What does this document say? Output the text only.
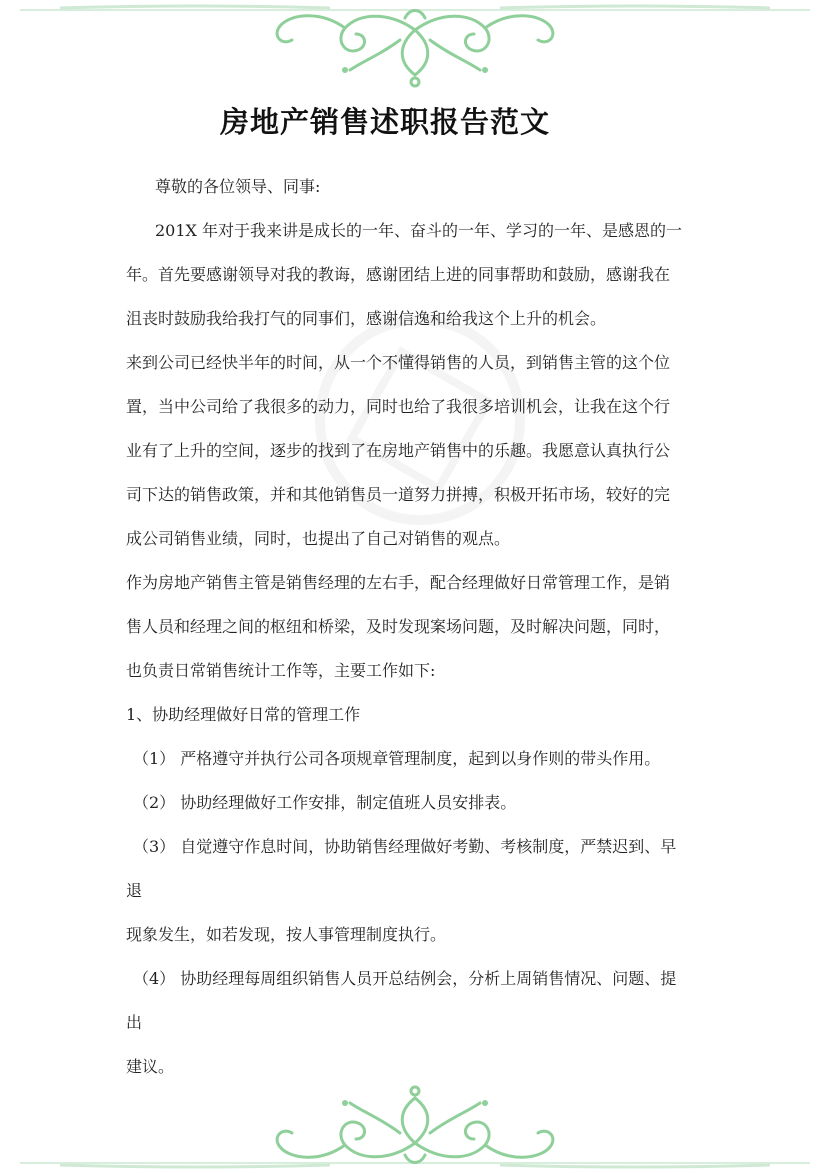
房地产销售述职报告范文
尊敬的各位领导、同事:
201X 年对于我来讲是成长的一年、奋斗的一年、学习的一年、是感恩的一
年。首先要感谢领导对我的教诲，感谢团结上进的同事帮助和鼓励，感谢我在
沮丧时鼓励我给我打气的同事们，感谢信逸和给我这个上升的机会。
来到公司已经快半年的时间，从一个不懂得销售的人员，到销售主管的这个位
置，当中公司给了我很多的动力，同时也给了我很多培训机会，让我在这个行
业有了上升的空间，逐步的找到了在房地产销售中的乐趣。我愿意认真执行公
司下达的销售政策，并和其他销售员一道努力拼搏，积极开拓市场，较好的完
成公司销售业绩，同时，也提出了自己对销售的观点。
作为房地产销售主管是销售经理的左右手，配合经理做好日常管理工作，是销
售人员和经理之间的枢纽和桥梁，及时发现案场问题，及时解决问题，同时，
也负责日常销售统计工作等，主要工作如下:
1、协助经理做好日常的管理工作
（1） 严格遵守并执行公司各项规章管理制度，起到以身作则的带头作用。
（2） 协助经理做好工作安排，制定值班人员安排表。
（3） 自觉遵守作息时间，协助销售经理做好考勤、考核制度，严禁迟到、早
退
现象发生，如若发现，按人事管理制度执行。
（4） 协助经理每周组织销售人员开总结例会，分析上周销售情况、问题、提
出
建议。
